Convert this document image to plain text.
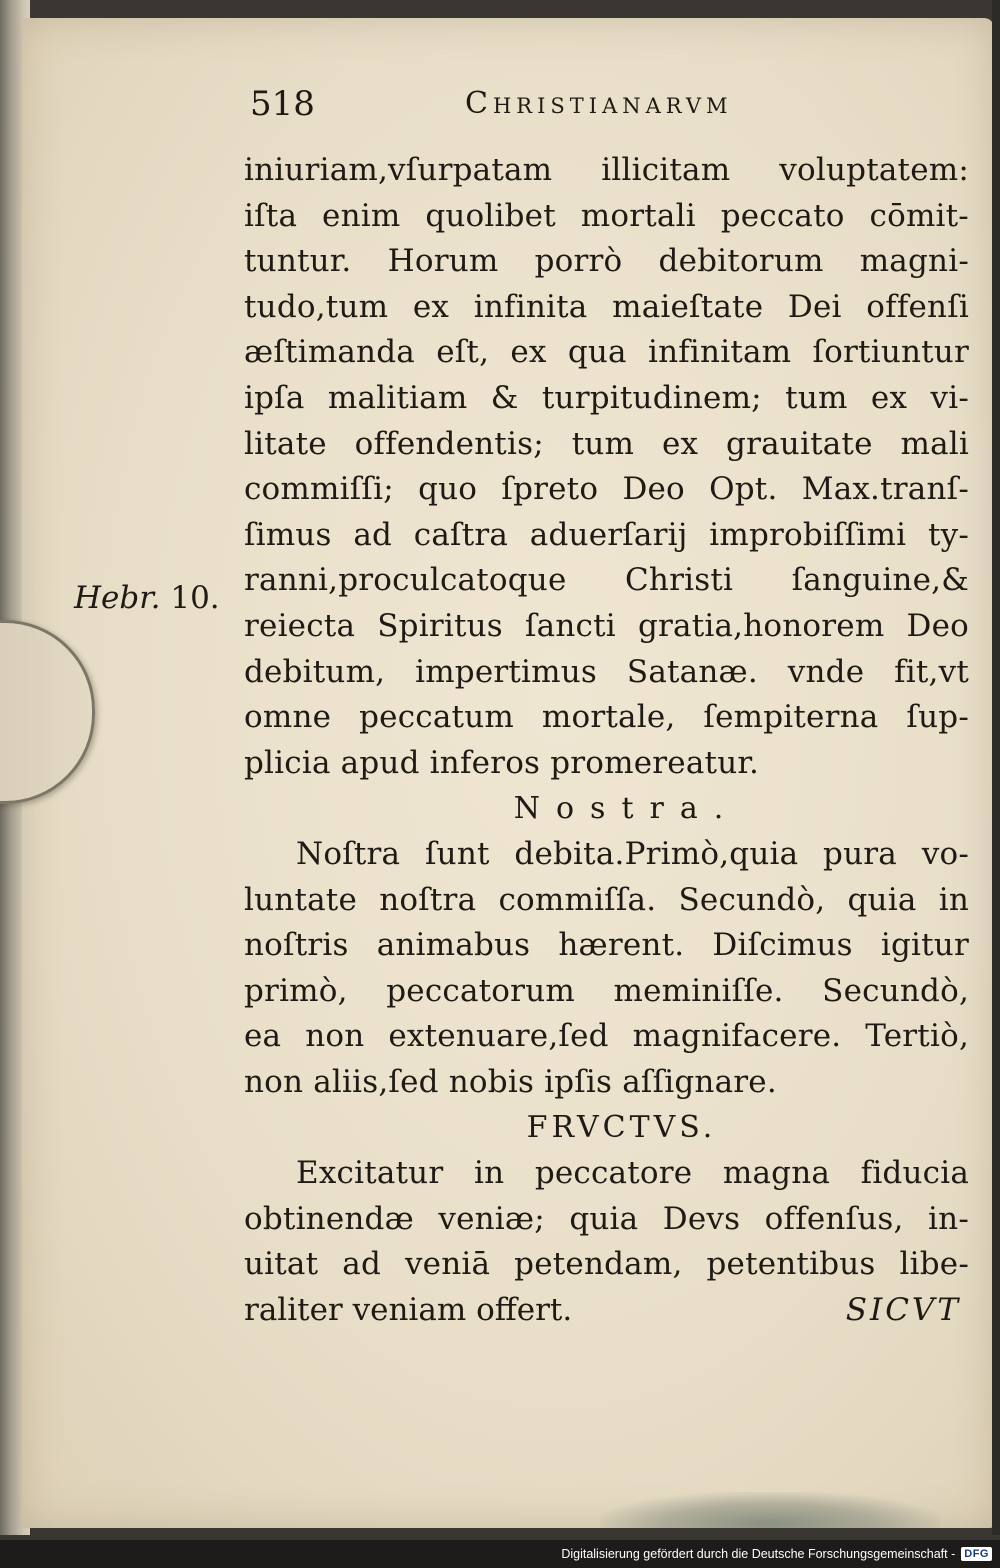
518	Christianarvm
Hebr. 10.
iniuriam,vſurpatam illicitam voluptatem:
iſta enim quolibet mortali peccato cōmit-
tuntur. Horum porrò debitorum magni-
tudo,tum ex infinita maieſtate Dei offenſi
æſtimanda eſt, ex qua infinitam ſortiuntur
ipſa malitiam & turpitudinem; tum ex vi-
litate offendentis; tum ex grauitate mali
commiſſi; quo ſpreto Deo Opt. Max.tranſ-
ſimus ad caſtra aduerſarij improbiſſimi ty-
ranni,proculcatoque Christi ſanguine,&
reiecta Spiritus ſancti gratia,honorem Deo
debitum, impertimus Satanæ. vnde fit,vt
omne peccatum mortale, ſempiterna ſup-
plicia apud inferos promereatur.
Nostra.
Noſtra ſunt debita.Primò,quia pura vo-
luntate noſtra commiſſa. Secundò, quia in
noſtris animabus hærent. Diſcimus igitur
primò, peccatorum meminiſſe. Secundò,
ea non extenuare,ſed magnifacere. Tertiò,
non aliis,ſed nobis ipſis aſſignare.
FRVCTVS.
Excitatur in peccatore magna fiducia
obtinendæ veniæ; quia Devs offenſus, in-
uitat ad veniā petendam, petentibus libe-
raliter veniam offert.	SICVT
Digitalisierung gefördert durch die Deutsche Forschungsgemeinschaft - DFG
